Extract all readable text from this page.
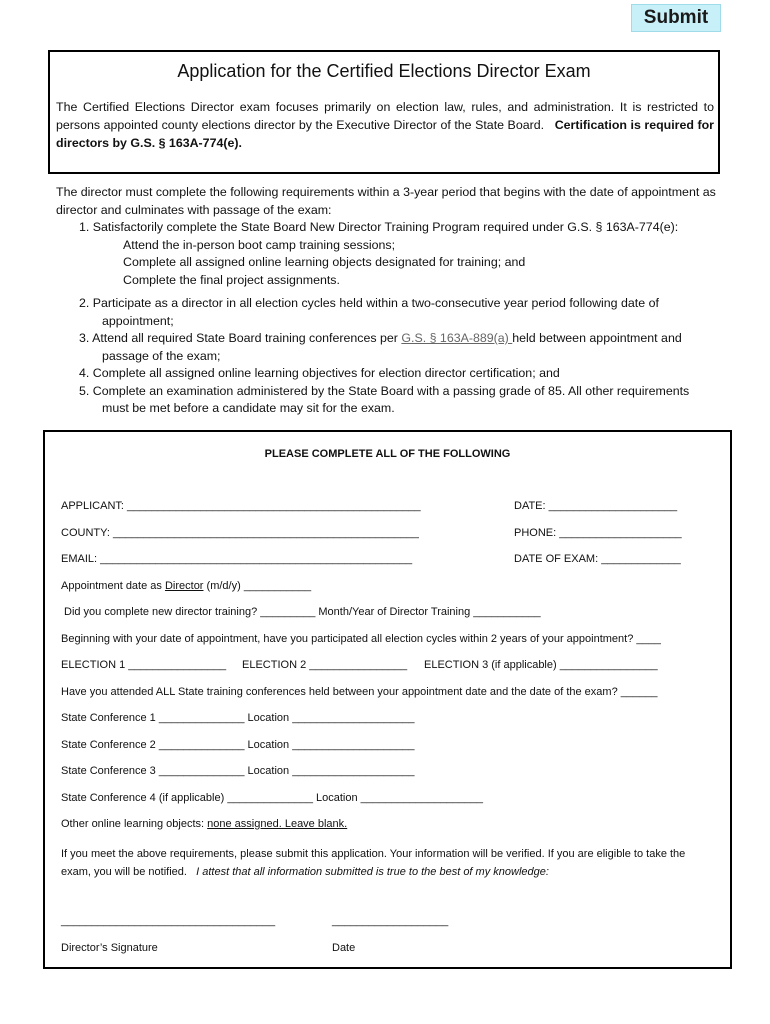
Submit
Application for the Certified Elections Director Exam
The Certified Elections Director exam focuses primarily on election law, rules, and administration. It is restricted to persons appointed county elections director by the Executive Director of the State Board. Certification is required for directors by G.S. § 163A-774(e).

The director must complete the following requirements within a 3-year period that begins with the date of appointment as director and culminates with passage of the exam:

1. Satisfactorily complete the State Board New Director Training Program required under G.S. § 163A-774(e):
Attend the in-person boot camp training sessions;
Complete all assigned online learning objects designated for training; and
Complete the final project assignments.
2. Participate as a director in all election cycles held within a two-consecutive year period following date of appointment;
3. Attend all required State Board training conferences per G.S. § 163A-889(a) held between appointment and passage of the exam;
4. Complete all assigned online learning objectives for election director certification; and
5. Complete an examination administered by the State Board with a passing grade of 85. All other requirements must be met before a candidate may sit for the exam.
PLEASE COMPLETE ALL OF THE FOLLOWING
APPLICANT: ________________________________________________	DATE: _____________________
COUNTY: __________________________________________________	PHONE: ____________________
EMAIL: ___________________________________________________	DATE OF EXAM: _____________
Appointment date as Director (m/d/y) ___________
Did you complete new director training? _________ Month/Year of Director Training ___________
Beginning with your date of appointment, have you participated all election cycles within 2 years of your appointment? ____
ELECTION 1 ________________ ELECTION 2 ________________ ELECTION 3 (if applicable) ________________
Have you attended ALL State training conferences held between your appointment date and the date of the exam? ______
State Conference 1 ______________ Location ____________________
State Conference 2 ______________ Location ____________________
State Conference 3 ______________ Location ____________________
State Conference 4 (if applicable) ______________ Location ____________________
Other online learning objects: none assigned. Leave blank.
If you meet the above requirements, please submit this application. Your information will be verified. If you are eligible to take the exam, you will be notified. I attest that all information submitted is true to the best of my knowledge:
___________________________________	___________________
Director’s Signature	Date
